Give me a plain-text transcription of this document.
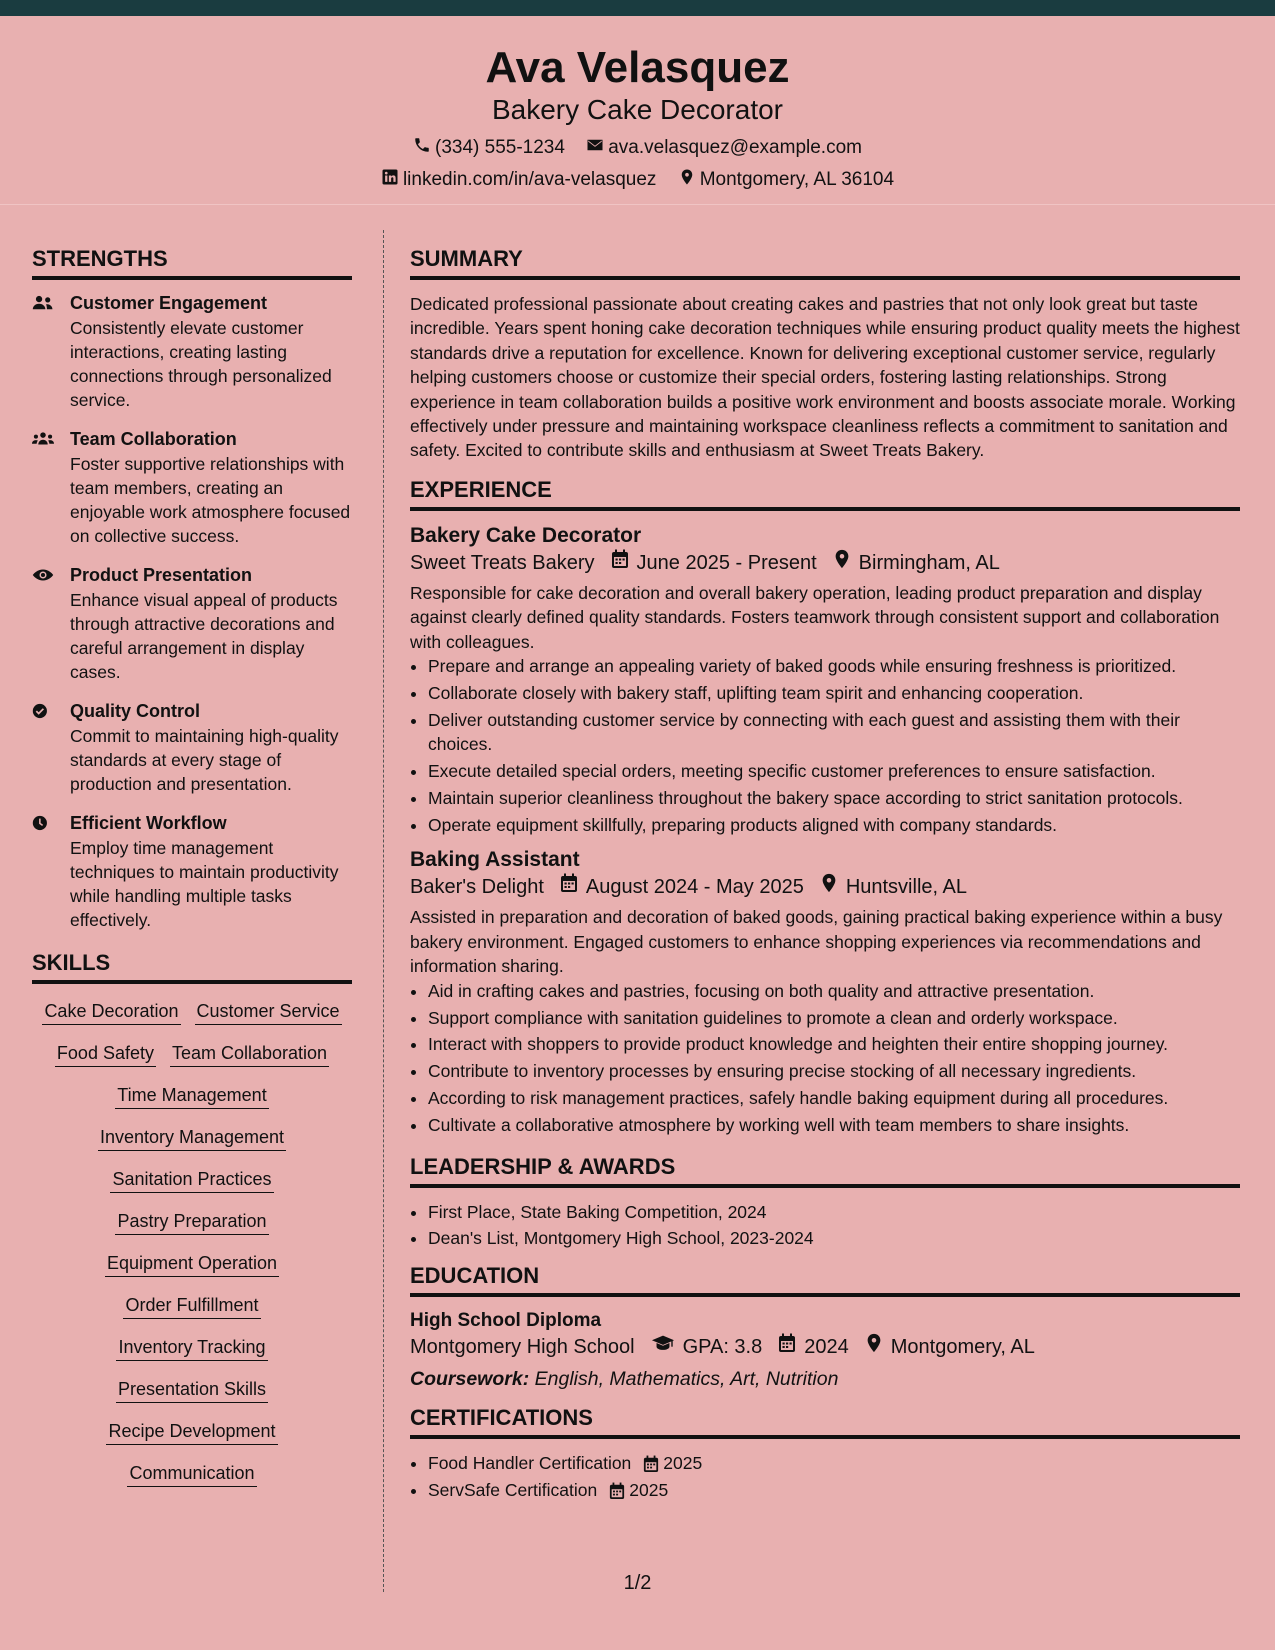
Ava Velasquez
Bakery Cake Decorator
(334) 555-1234
ava.velasquez@example.com
linkedin.com/in/ava-velasquez
Montgomery, AL 36104
STRENGTHS
Customer Engagement
Consistently elevate customer interactions, creating lasting connections through personalized service.
Team Collaboration
Foster supportive relationships with team members, creating an enjoyable work atmosphere focused on collective success.
Product Presentation
Enhance visual appeal of products through attractive decorations and careful arrangement in display cases.
Quality Control
Commit to maintaining high-quality standards at every stage of production and presentation.
Efficient Workflow
Employ time management techniques to maintain productivity while handling multiple tasks effectively.
SKILLS
Cake Decoration Customer Service
Food Safety Team Collaboration
Time Management
Inventory Management
Sanitation Practices
Pastry Preparation
Equipment Operation
Order Fulfillment
Inventory Tracking
Presentation Skills
Recipe Development
Communication
SUMMARY
Dedicated professional passionate about creating cakes and pastries that not only look great but taste incredible. Years spent honing cake decoration techniques while ensuring product quality meets the highest standards drive a reputation for excellence. Known for delivering exceptional customer service, regularly helping customers choose or customize their special orders, fostering lasting relationships. Strong experience in team collaboration builds a positive work environment and boosts associate morale. Working effectively under pressure and maintaining workspace cleanliness reflects a commitment to sanitation and safety. Excited to contribute skills and enthusiasm at Sweet Treats Bakery.
EXPERIENCE
Bakery Cake Decorator
Sweet Treats Bakery June 2025 - Present Birmingham, AL
Responsible for cake decoration and overall bakery operation, leading product preparation and display against clearly defined quality standards. Fosters teamwork through consistent support and collaboration with colleagues.
• Prepare and arrange an appealing variety of baked goods while ensuring freshness is prioritized.
• Collaborate closely with bakery staff, uplifting team spirit and enhancing cooperation.
• Deliver outstanding customer service by connecting with each guest and assisting them with their choices.
• Execute detailed special orders, meeting specific customer preferences to ensure satisfaction.
• Maintain superior cleanliness throughout the bakery space according to strict sanitation protocols.
• Operate equipment skillfully, preparing products aligned with company standards.
Baking Assistant
Baker's Delight August 2024 - May 2025 Huntsville, AL
Assisted in preparation and decoration of baked goods, gaining practical baking experience within a busy bakery environment. Engaged customers to enhance shopping experiences via recommendations and information sharing.
• Aid in crafting cakes and pastries, focusing on both quality and attractive presentation.
• Support compliance with sanitation guidelines to promote a clean and orderly workspace.
• Interact with shoppers to provide product knowledge and heighten their entire shopping journey.
• Contribute to inventory processes by ensuring precise stocking of all necessary ingredients.
• According to risk management practices, safely handle baking equipment during all procedures.
• Cultivate a collaborative atmosphere by working well with team members to share insights.
LEADERSHIP & AWARDS
• First Place, State Baking Competition, 2024
• Dean's List, Montgomery High School, 2023-2024
EDUCATION
High School Diploma
Montgomery High School GPA: 3.8 2024 Montgomery, AL
Coursework: English, Mathematics, Art, Nutrition
CERTIFICATIONS
• Food Handler Certification 2025
• ServSafe Certification 2025
1/2
